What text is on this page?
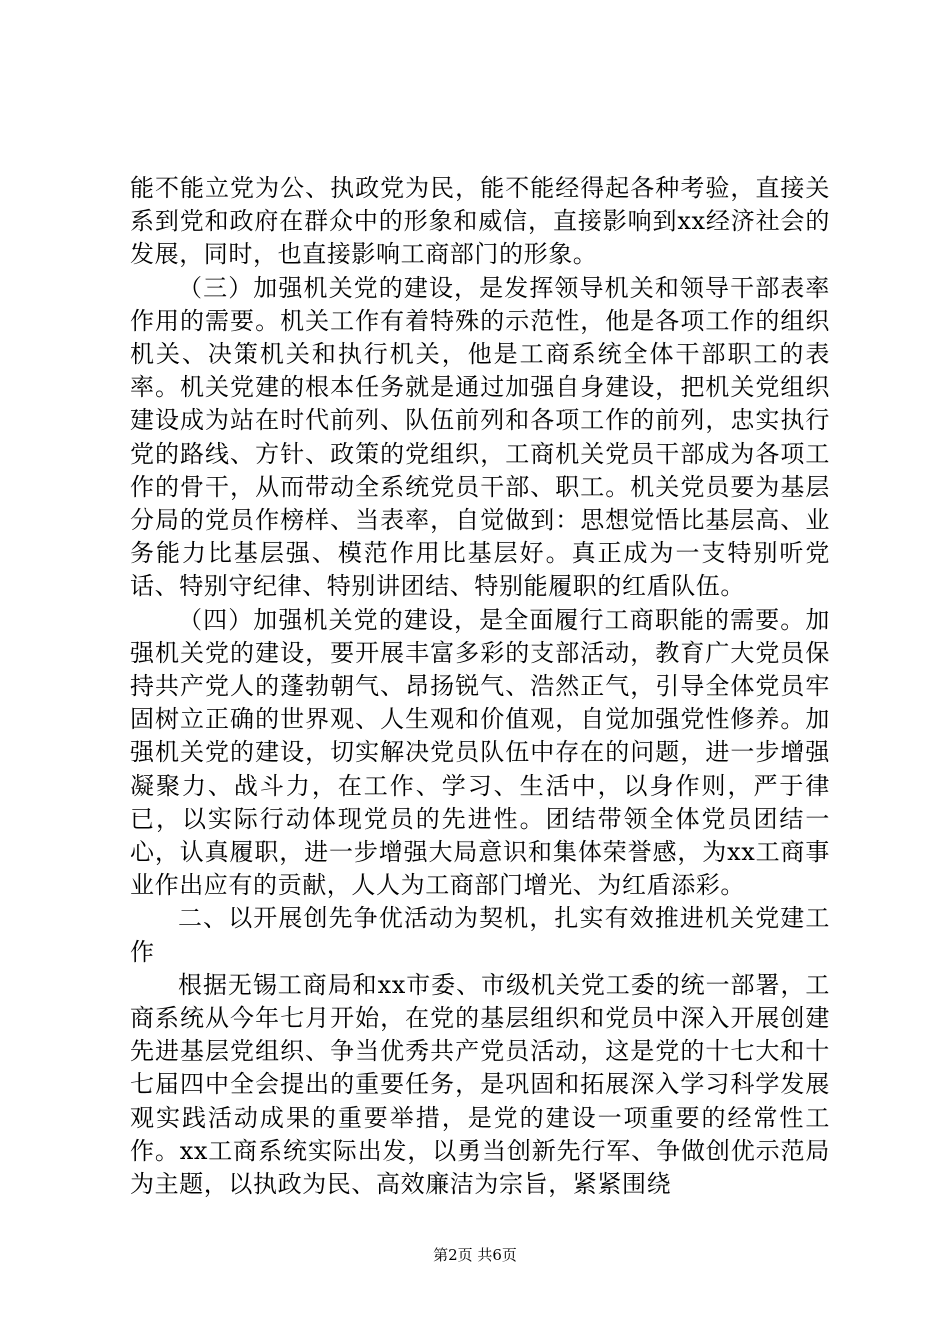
能不能立党为公、执政党为民，能不能经得起各种考验，直接关系到党和政府在群众中的形象和威信，直接影响到xx经济社会的发展，同时，也直接影响工商部门的形象。

（三）加强机关党的建设，是发挥领导机关和领导干部表率作用的需要。机关工作有着特殊的示范性，他是各项工作的组织机关、决策机关和执行机关，他是工商系统全体干部职工的表率。机关党建的根本任务就是通过加强自身建设，把机关党组织建设成为站在时代前列、队伍前列和各项工作的前列，忠实执行党的路线、方针、政策的党组织，工商机关党员干部成为各项工作的骨干，从而带动全系统党员干部、职工。机关党员要为基层分局的党员作榜样、当表率，自觉做到：思想觉悟比基层高、业务能力比基层强、模范作用比基层好。真正成为一支特别听党话、特别守纪律、特别讲团结、特别能履职的红盾队伍。

（四）加强机关党的建设，是全面履行工商职能的需要。加强机关党的建设，要开展丰富多彩的支部活动，教育广大党员保持共产党人的蓬勃朝气、昂扬锐气、浩然正气，引导全体党员牢固树立正确的世界观、人生观和价值观，自觉加强党性修养。加强机关党的建设，切实解决党员队伍中存在的问题，进一步增强凝聚力、战斗力，在工作、学习、生活中，以身作则，严于律已，以实际行动体现党员的先进性。团结带领全体党员团结一心，认真履职，进一步增强大局意识和集体荣誉感，为xx工商事业作出应有的贡献，人人为工商部门增光、为红盾添彩。

二、以开展创先争优活动为契机，扎实有效推进机关党建工作

根据无锡工商局和xx市委、市级机关党工委的统一部署，工商系统从今年七月开始，在党的基层组织和党员中深入开展创建先进基层党组织、争当优秀共产党员活动，这是党的十七大和十七届四中全会提出的重要任务，是巩固和拓展深入学习科学发展观实践活动成果的重要举措，是党的建设一项重要的经常性工作。xx工商系统实际出发，以勇当创新先行军、争做创优示范局为主题，以执政为民、高效廉洁为宗旨，紧紧围绕

第2页 共6页
